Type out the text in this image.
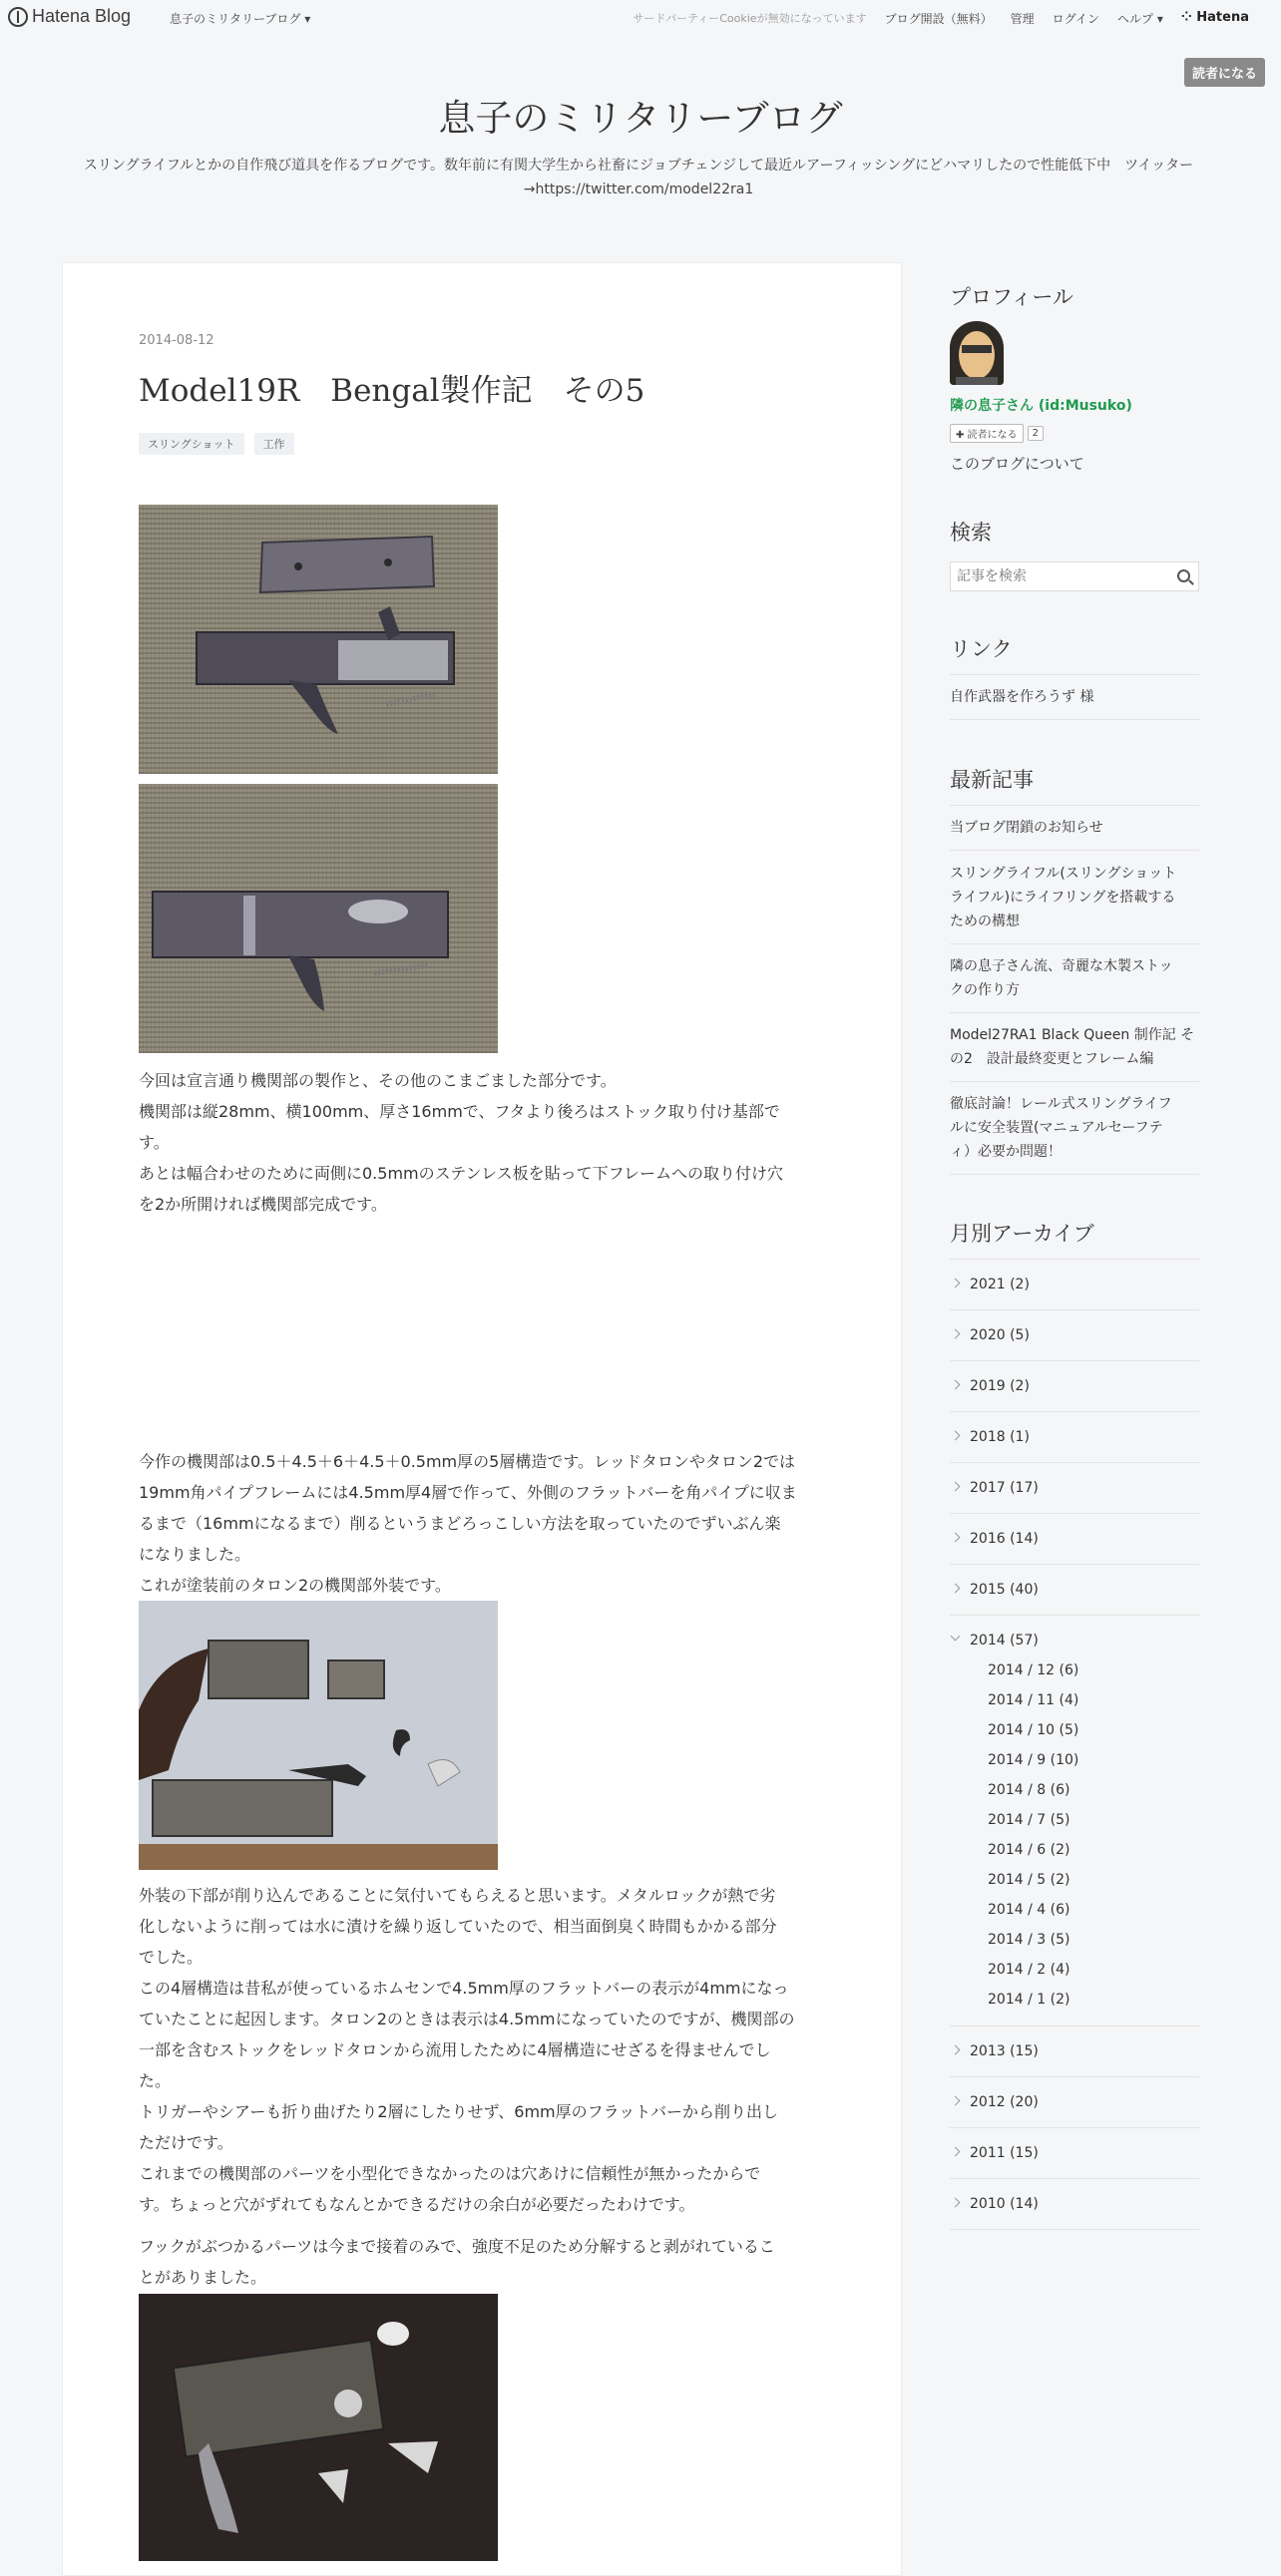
Hatena Blog	息子のミリタリーブログ ▾	サードパーティーCookieが無効になっています ブログ開設（無料） 管理 ログイン ヘルプ ▾ ⁘ Hatena
読者になる
息子のミリタリーブログ
スリングライフルとかの自作飛び道具を作るブログです。数年前に有関大学生から社畜にジョブチェンジして最近ルアーフィッシングにどハマリしたので性能低下中　ツイッター→https://twitter.com/model22ra1
2014-08-12
Model19R　Bengal製作記　その5
スリングショット	工作
今回は宣言通り機関部の製作と、その他のこまごました部分です。
機関部は縦28mm、横100mm、厚さ16mmで、フタより後ろはストック取り付け基部で
す。
あとは幅合わせのために両側に0.5mmのステンレス板を貼って下フレームへの取り付け穴
を2か所開ければ機関部完成です。
今作の機関部は0.5＋4.5＋6＋4.5＋0.5mm厚の5層構造です。レッドタロンやタロン2では
19mm角パイプフレームには4.5mm厚4層で作って、外側のフラットバーを角パイプに収ま
るまで（16mmになるまで）削るというまどろっこしい方法を取っていたのでずいぶん楽
になりました。
これが塗装前のタロン2の機関部外装です。
外装の下部が削り込んであることに気付いてもらえると思います。メタルロックが熱で劣
化しないように削っては水に漬けを繰り返していたので、相当面倒臭く時間もかかる部分
でした。
この4層構造は昔私が使っているホムセンで4.5mm厚のフラットバーの表示が4mmになっ
ていたことに起因します。タロン2のときは表示は4.5mmになっていたのですが、機関部の
一部を含むストックをレッドタロンから流用したために4層構造にせざるを得ませんでし
た。
トリガーやシアーも折り曲げたり2層にしたりせず、6mm厚のフラットバーから削り出し
ただけです。
これまでの機関部のパーツを小型化できなかったのは穴あけに信頼性が無かったからで
す。ちょっと穴がずれてもなんとかできるだけの余白が必要だったわけです。
フックがぶつかるパーツは今まで接着のみで、強度不足のため分解すると剥がれているこ
とがありました。
プロフィール
隣の息子さん (id:Musuko)
✚ 読者になる	2
このブログについて
検索
記事を検索
リンク
自作武器を作ろうず 様
最新記事
当ブログ閉鎖のお知らせ
スリングライフル(スリングショット
ライフル)にライフリングを搭載する
ための構想
隣の息子さん流、奇麗な木製ストッ
クの作り方
Model27RA1 Black Queen 制作記 そ
の2　設計最終変更とフレーム編
徹底討論！レール式スリングライフ
ルに安全装置(マニュアルセーフテ
ィ）必要か問題！
月別アーカイブ
2021 (2)
2020 (5)
2019 (2)
2018 (1)
2017 (17)
2016 (14)
2015 (40)
2014 (57)
2014 / 12 (6)
2014 / 11 (4)
2014 / 10 (5)
2014 / 9 (10)
2014 / 8 (6)
2014 / 7 (5)
2014 / 6 (2)
2014 / 5 (2)
2014 / 4 (6)
2014 / 3 (5)
2014 / 2 (4)
2014 / 1 (2)
2013 (15)
2012 (20)
2011 (15)
2010 (14)
